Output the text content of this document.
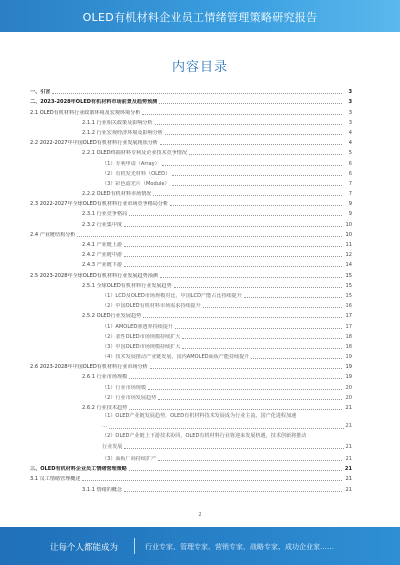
OLED有机材料企业员工情绪管理策略研究报告
内容目录
一、引言	3
二、2023-2028年OLED有机材料市场前景及趋势预测	3
2.1 OLED有机材料行业政策环境及宏观环境分析	3
2.1.1 行业相关政策及影响分析	3
2.1.2 行业宏观经济环境及影响分析	4
2.2 2022-2027年中国OLED有机材料行业发展现状分析	4
2.2.1 OLED终端材料专利及企业技术竞争情况	5
（1）专利申请（Array）	6
（2）有机发光材料（OLED）	6
（3）彩色滤光片（Module）	7
2.2.2 OLED有机材料市场情况	7
2.3 2022-2027年全球OLED有机材料行业市场竞争格局分析	9
2.3.1 行业竞争格局	9
2.3.2 行业集中度	10
2.4 产业链结构分析	10
2.4.1 产业链上游	11
2.4.2 产业链中游	12
2.4.3 产业链下游	14
2.5 2023-2028年全球OLED有机材料行业发展趋势预测	15
2.5.1 全球OLED有机材料行业发展趋势	15
（1）LCD及OLED市场规模对比，中国LCD产能占比持续提升	15
（2）中国OLED有机材料市场需求持续提升	16
2.5.2 OLED行业发展趋势	17
（1）AMOLED渗透率持续提升	17
（2）柔性OLED市场规模持续扩大	18
（3）中国OLED市场规模持续扩大	18
（4）技术发展推动产业链发展，国内AMOLED面板产能持续提升	19
2.6 2023-2028年中国OLED有机材料行业市场分析	19
2.6.1 行业市场规模	19
（1）行业市场规模	20
（2）行业市场发展趋势	20
2.6.2 行业技术趋势	21
（1）OLED产业链发展趋势，OLED有机材料技术发展成为行业主流，国产化进程加速
...	21
（2）OLED产业链上下游技术协同，OLED有机材料行业将迎来发展机遇，技术创新将推动
行业发展	21
（3）面板厂商持续扩产	21
三、OLED有机材料企业员工情绪管理策略	21
3.1 员工情绪管理概述	21
3.1.1 情绪的概念	21
2
让每个人都能成为	行业专家、管理专家、营销专家、战略专家、成功企业家……
